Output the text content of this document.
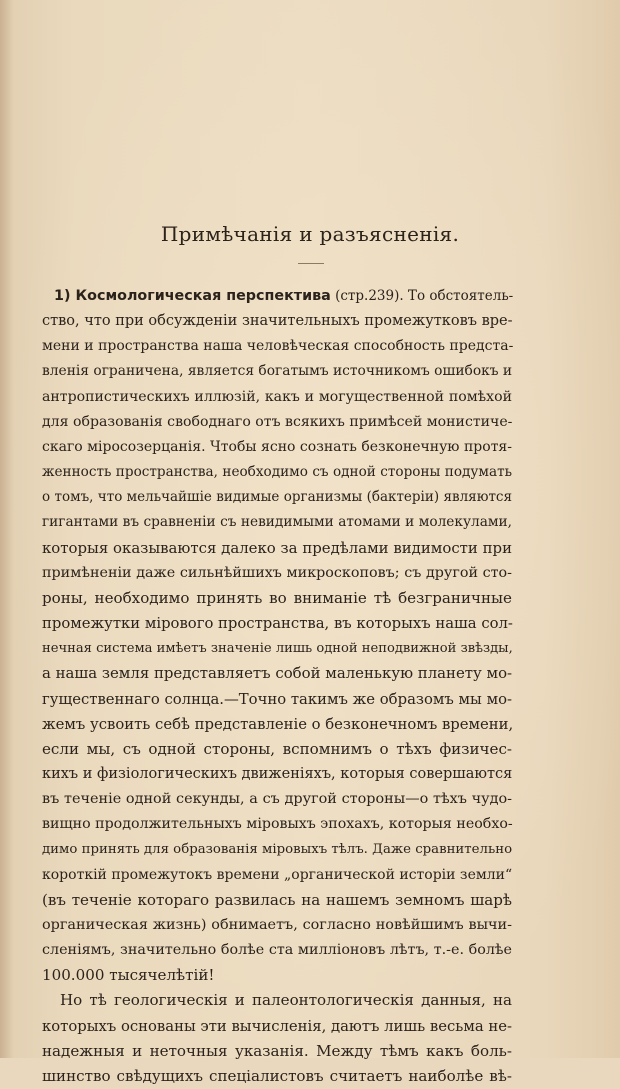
Примѣчанія и разъясненія.
1) Космологическая перспектива (стр.239). То обстоятель-
ство, что при обсужденіи значительныхъ промежутковъ вре-
мени и пространства наша человѣческая способность предста-
вленія ограничена, является богатымъ источникомъ ошибокъ и
антропистическихъ иллюзій, какъ и могущественной помѣхой
для образованія свободнаго отъ всякихъ примѣсей монистиче-
скаго міросозерцанія. Чтобы ясно сознать безконечную протя-
женность пространства, необходимо съ одной стороны подумать
о томъ, что мельчайшіе видимые организмы (бактеріи) являются
гигантами въ сравненіи съ невидимыми атомами и молекулами,
которыя оказываются далеко за предѣлами видимости при
примѣненіи даже сильнѣйшихъ микроскоповъ; съ другой сто-
роны, необходимо принять во вниманіе тѣ безграничные
промежутки мірового пространства, въ которыхъ наша сол-
нечная система имѣетъ значеніе лишь одной неподвижной звѣзды,
а наша земля представляетъ собой маленькую планету мо-
гущественнаго солнца.—Точно такимъ же образомъ мы мо-
жемъ усвоить себѣ представленіе о безконечномъ времени,
если мы, съ одной стороны, вспомнимъ о тѣхъ физичес-
кихъ и физіологическихъ движеніяхъ, которыя совершаются
въ теченіе одной секунды, а съ другой стороны—о тѣхъ чудо-
вищно продолжительныхъ міровыхъ эпохахъ, которыя необхо-
димо принять для образованія міровыхъ тѣлъ. Даже сравнительно
короткій промежутокъ времени „органической исторіи земли“
(въ теченіе котораго развилась на нашемъ земномъ шарѣ
органическая жизнь) обнимаетъ, согласно новѣйшимъ вычи-
сленіямъ, значительно болѣе ста милліоновъ лѣтъ, т.-е. болѣе
100.000 тысячелѣтій!
Но тѣ геологическія и палеонтологическія данныя, на
которыхъ основаны эти вычисленія, даютъ лишь весьма не-
надежныя и неточныя указанія. Между тѣмъ какъ боль-
шинство свѣдущихъ спеціалистовъ считаетъ наиболѣе вѣ-
